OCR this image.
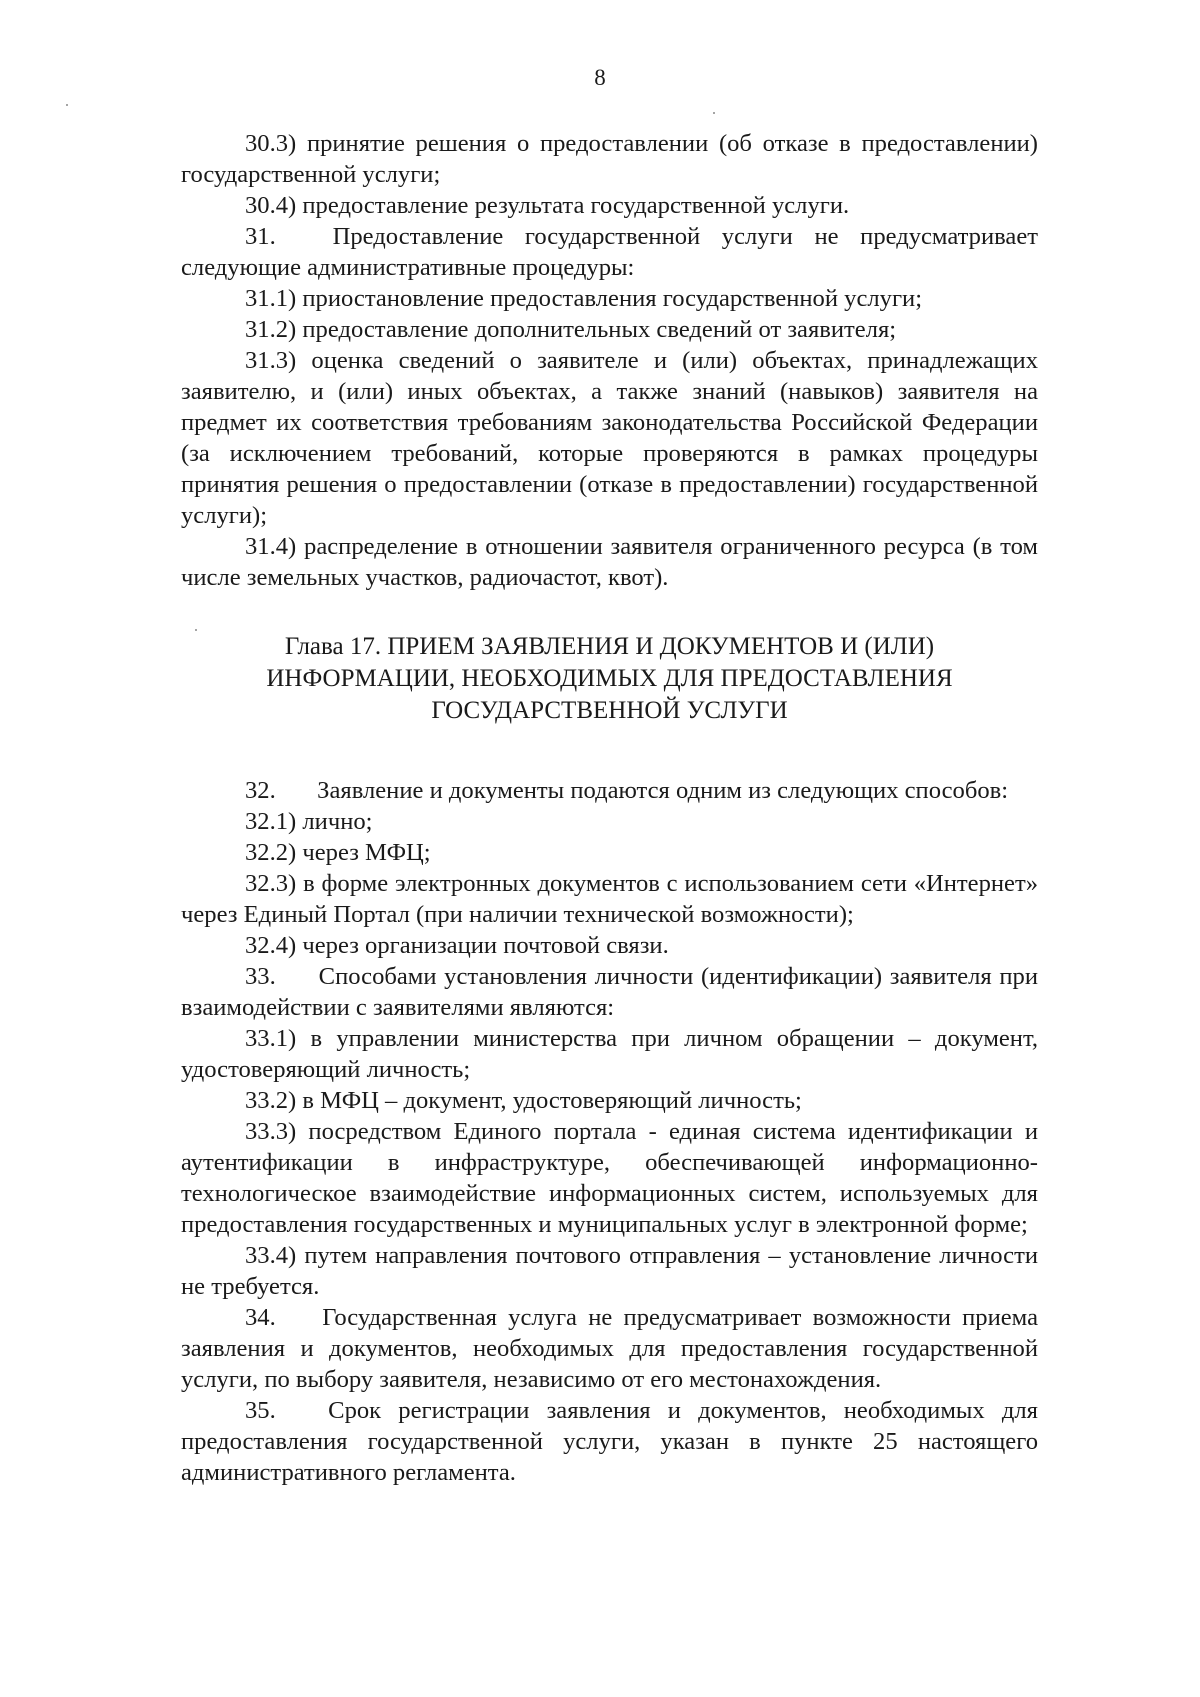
8

30.3) принятие решения о предоставлении (об отказе в предоставлении) государственной услуги;

30.4) предоставление результата государственной услуги.

31. Предоставление государственной услуги не предусматривает следующие административные процедуры:

31.1) приостановление предоставления государственной услуги;

31.2) предоставление дополнительных сведений от заявителя;

31.3) оценка сведений о заявителе и (или) объектах, принадлежащих заявителю, и (или) иных объектах, а также знаний (навыков) заявителя на предмет их соответствия требованиям законодательства Российской Федерации (за исключением требований, которые проверяются в рамках процедуры принятия решения о предоставлении (отказе в предоставлении) государственной услуги);

31.4) распределение в отношении заявителя ограниченного ресурса (в том числе земельных участков, радиочастот, квот).

Глава 17. ПРИЕМ ЗАЯВЛЕНИЯ И ДОКУМЕНТОВ И (ИЛИ)
ИНФОРМАЦИИ, НЕОБХОДИМЫХ ДЛЯ ПРЕДОСТАВЛЕНИЯ
ГОСУДАРСТВЕННОЙ УСЛУГИ

32. Заявление и документы подаются одним из следующих способов:

32.1) лично;

32.2) через МФЦ;

32.3) в форме электронных документов с использованием сети «Интернет» через Единый Портал (при наличии технической возможности);

32.4) через организации почтовой связи.

33. Способами установления личности (идентификации) заявителя при взаимодействии с заявителями являются:

33.1) в управлении министерства при личном обращении – документ, удостоверяющий личность;

33.2) в МФЦ – документ, удостоверяющий личность;

33.3) посредством Единого портала - единая система идентификации и аутентификации в инфраструктуре, обеспечивающей информационно-технологическое взаимодействие информационных систем, используемых для предоставления государственных и муниципальных услуг в электронной форме;

33.4) путем направления почтового отправления – установление личности не требуется.

34. Государственная услуга не предусматривает возможности приема заявления и документов, необходимых для предоставления государственной услуги, по выбору заявителя, независимо от его местонахождения.

35. Срок регистрации заявления и документов, необходимых для предоставления государственной услуги, указан в пункте 25 настоящего административного регламента.
